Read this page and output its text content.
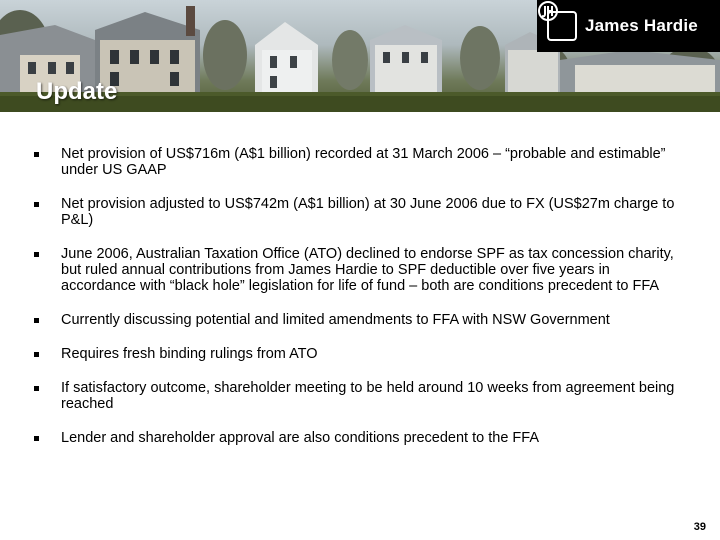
James Hardie
Update
Net provision of US$716m (A$1 billion) recorded at 31 March 2006 – “probable and estimable” under US GAAP
Net provision adjusted to US$742m (A$1 billion) at 30 June 2006 due to FX (US$27m charge to P&L)
June 2006, Australian Taxation Office (ATO) declined to endorse SPF as tax concession charity, but ruled annual contributions from James Hardie to SPF deductible over five years in accordance with “black hole” legislation for life of fund – both are conditions precedent to FFA
Currently discussing potential and limited amendments to FFA with NSW Government
Requires fresh binding rulings from ATO
If satisfactory outcome, shareholder meeting to be held around 10 weeks from agreement being reached
Lender and shareholder approval are also conditions precedent to the FFA
39
